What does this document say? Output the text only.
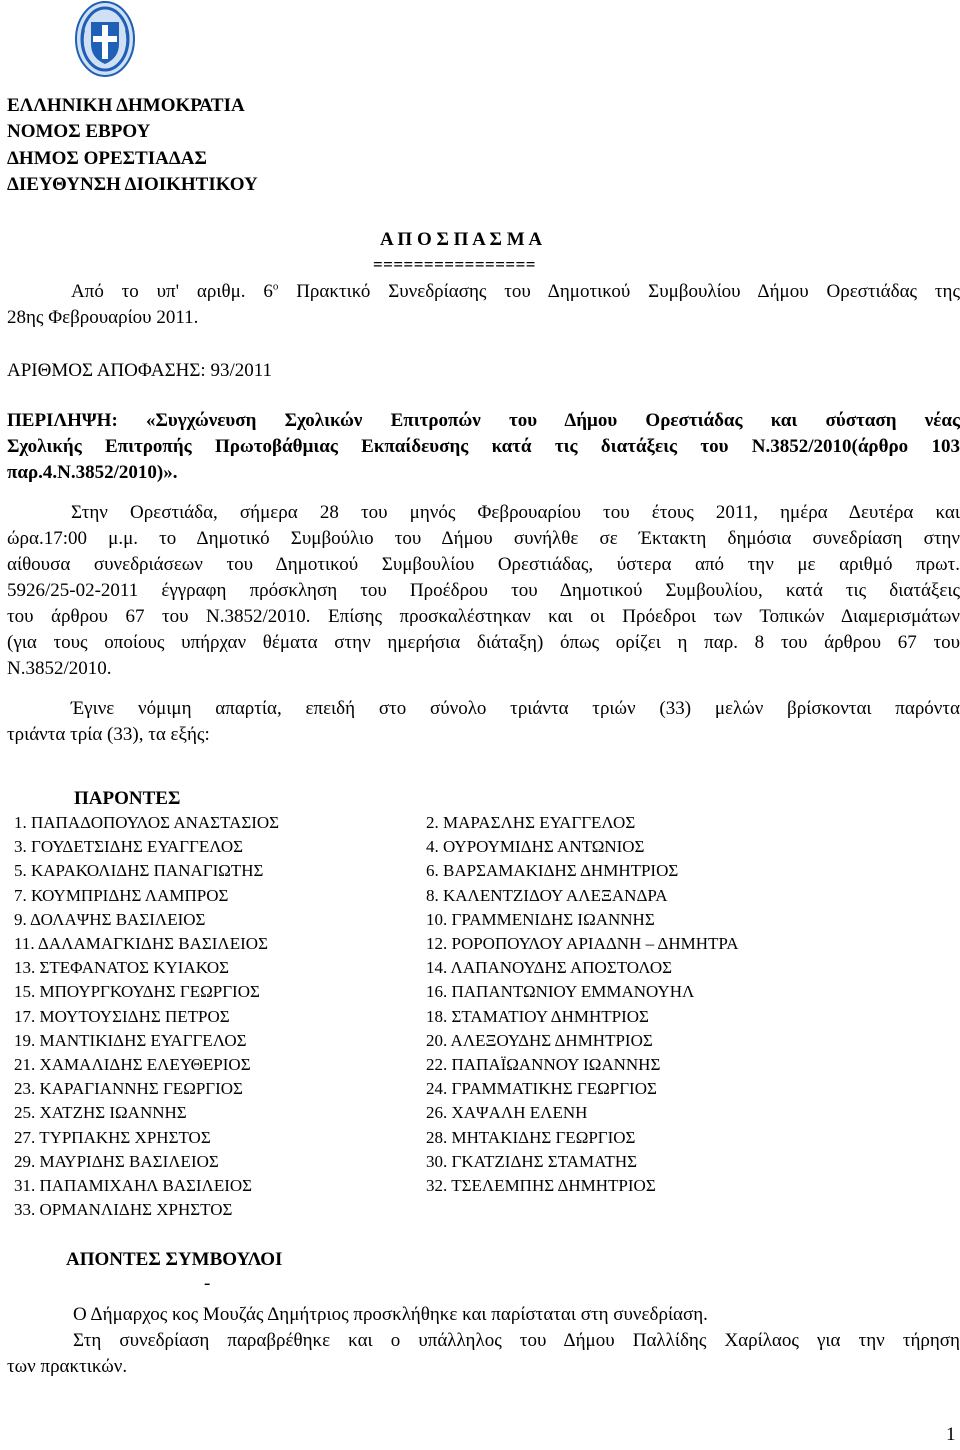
ΕΛΛΗΝΙΚΗ ΔΗΜΟΚΡΑΤΙΑ
ΝΟΜΟΣ ΕΒΡΟΥ
ΔΗΜΟΣ ΟΡΕΣΤΙΑΔΑΣ
ΔΙΕΥΘΥΝΣΗ ΔΙΟΙΚΗΤΙΚΟΥ
Α Π Ο Σ Π Α Σ Μ Α
================
Από το υπ' αριθμ. $6^o$ Πρακτικό Συνεδρίασης του Δημοτικού Συμβουλίου Δήμου Ορεστιάδας της
28ης Φεβρουαρίου 2011.
ΑΡΙΘΜΟΣ ΑΠΟΦΑΣΗΣ: 93/2011
ΠΕΡΙΛΗΨΗ: «Συγχώνευση Σχολικών Επιτροπών του Δήμου Ορεστιάδας και σύσταση νέας
Σχολικής Επιτροπής Πρωτοβάθμιας Εκπαίδευσης κατά τις διατάξεις του Ν.3852/2010(άρθρο 103
παρ.4.Ν.3852/2010)».
Στην Ορεστιάδα, σήμερα 28 του μηνός Φεβρουαρίου του έτους 2011, ημέρα Δευτέρα και
ώρα.17:00 μ.μ. το Δημοτικό Συμβούλιο του Δήμου συνήλθε σε Έκτακτη δημόσια συνεδρίαση στην
αίθουσα συνεδριάσεων του Δημοτικού Συμβουλίου Ορεστιάδας, ύστερα από την με αριθμό πρωτ.
5926/25-02-2011 έγγραφη πρόσκληση του Προέδρου του Δημοτικού Συμβουλίου, κατά τις διατάξεις
του άρθρου 67 του Ν.3852/2010. Επίσης προσκαλέστηκαν και οι Πρόεδροι των Τοπικών Διαμερισμάτων
(για τους οποίους υπήρχαν θέματα στην ημερήσια διάταξη) όπως ορίζει η παρ. 8 του άρθρου 67 του
Ν.3852/2010.
Έγινε νόμιμη απαρτία, επειδή στο σύνολο τριάντα τριών (33) μελών βρίσκονται παρόντα
τριάντα τρία (33), τα εξής:
ΠΑΡΟΝΤΕΣ
1. ΠΑΠΑΔΟΠΟΥΛΟΣ ΑΝΑΣΤΑΣΙΟΣ
3. ΓΟΥΔΕΤΣΙΔΗΣ ΕΥΑΓΓΕΛΟΣ
5. ΚΑΡΑΚΟΛΙΔΗΣ ΠΑΝΑΓΙΩΤΗΣ
7. ΚΟΥΜΠΡΙΔΗΣ ΛΑΜΠΡΟΣ
9. ΔΟΛΑΨΗΣ ΒΑΣΙΛΕΙΟΣ
11. ΔΑΛΑΜΑΓΚΙΔΗΣ ΒΑΣΙΛΕΙΟΣ
13. ΣΤΕΦΑΝΑΤΟΣ ΚΥΙΑΚΟΣ
15. ΜΠΟΥΡΓΚΟΥΔΗΣ ΓΕΩΡΓΙΟΣ
17. ΜΟΥΤΟΥΣΙΔΗΣ ΠΕΤΡΟΣ
19. ΜΑΝΤΙΚΙΔΗΣ ΕΥΑΓΓΕΛΟΣ
21. ΧΑΜΑΛΙΔΗΣ ΕΛΕΥΘΕΡΙΟΣ
23. ΚΑΡΑΓΙΑΝΝΗΣ ΓΕΩΡΓΙΟΣ
25. ΧΑΤΖΗΣ ΙΩΑΝΝΗΣ
27. ΤΥΡΠΑΚΗΣ ΧΡΗΣΤΟΣ
29. ΜΑΥΡΙΔΗΣ ΒΑΣΙΛΕΙΟΣ
31. ΠΑΠΑΜΙΧΑΗΛ ΒΑΣΙΛΕΙΟΣ
33. ΟΡΜΑΝΛΙΔΗΣ ΧΡΗΣΤΟΣ
2. ΜΑΡΑΣΛΗΣ ΕΥΑΓΓΕΛΟΣ
4. ΟΥΡΟΥΜΙΔΗΣ ΑΝΤΩΝΙΟΣ
6. ΒΑΡΣΑΜΑΚΙΔΗΣ ΔΗΜΗΤΡΙΟΣ
8. ΚΑΛΕΝΤΖΙΔΟΥ ΑΛΕΞΑΝΔΡΑ
10. ΓΡΑΜΜΕΝΙΔΗΣ ΙΩΑΝΝΗΣ
12. ΡΟΡΟΠΟΥΛΟΥ ΑΡΙΑΔΝΗ – ΔΗΜΗΤΡΑ
14. ΛΑΠΑΝΟΥΔΗΣ ΑΠΟΣΤΟΛΟΣ
16. ΠΑΠΑΝΤΩΝΙΟΥ ΕΜΜΑΝΟΥΗΛ
18. ΣΤΑΜΑΤΙΟΥ ΔΗΜΗΤΡΙΟΣ
20. ΑΛΕΞΟΥΔΗΣ ΔΗΜΗΤΡΙΟΣ
22. ΠΑΠΑΪΩΑΝΝΟΥ ΙΩΑΝΝΗΣ
24. ΓΡΑΜΜΑΤΙΚΗΣ ΓΕΩΡΓΙΟΣ
26. ΧΑΨΑΛΗ ΕΛΕΝΗ
28. ΜΗΤΑΚΙΔΗΣ ΓΕΩΡΓΙΟΣ
30. ΓΚΑΤΖΙΔΗΣ ΣΤΑΜΑΤΗΣ
32. ΤΣΕΛΕΜΠΗΣ ΔΗΜΗΤΡΙΟΣ
ΑΠΟΝΤΕΣ ΣΥΜΒΟΥΛΟΙ
-
Ο Δήμαρχος κος Μουζάς Δημήτριος προσκλήθηκε και παρίσταται στη συνεδρίαση.
Στη συνεδρίαση παραβρέθηκε και ο υπάλληλος του Δήμου Παλλίδης Χαρίλαος για την τήρηση
των πρακτικών.
1
